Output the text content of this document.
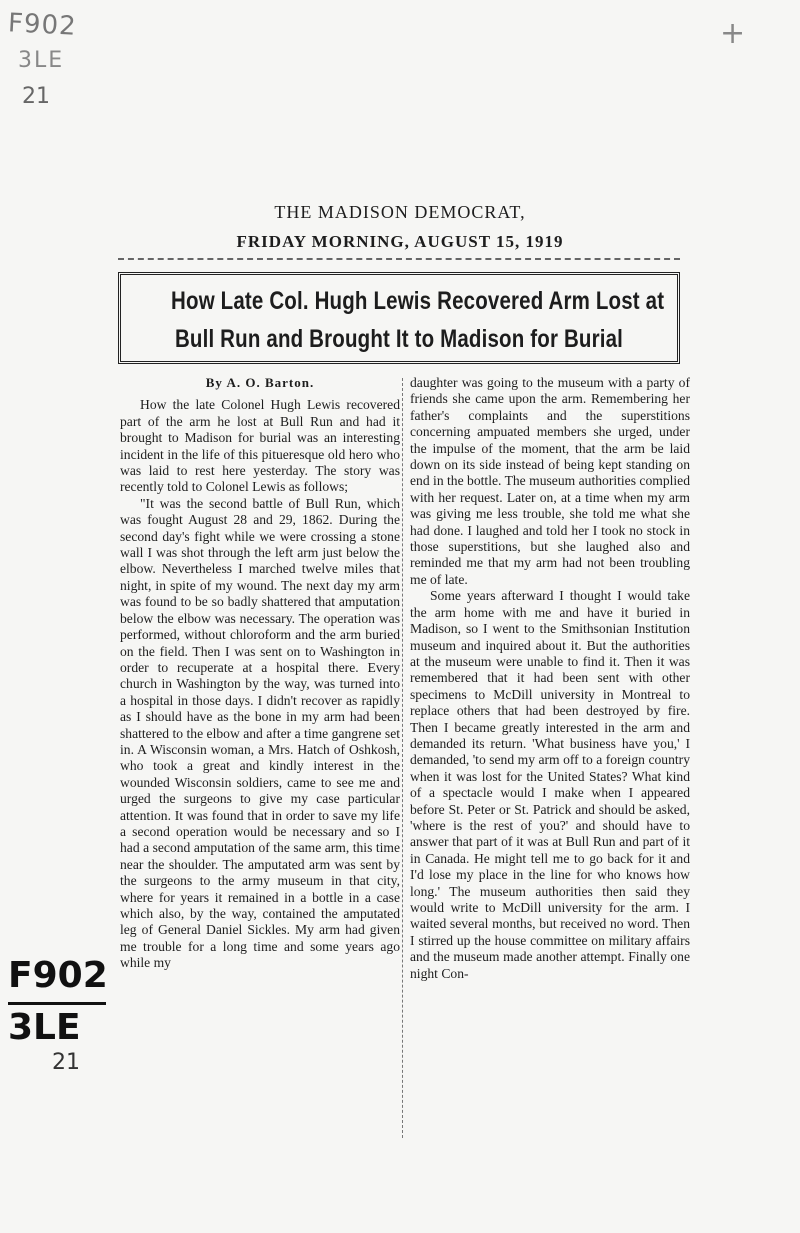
F902
3LE
21
+
F902
3LE
21
THE MADISON DEMOCRAT,
FRIDAY MORNING, AUGUST 15, 1919
How Late Col. Hugh Lewis Recovered Arm Lost at
Bull Run and Brought It to Madison for Burial
By A. O. Barton.

How the late Colonel Hugh Lewis recovered part of the arm he lost at Bull Run and had it brought to Madison for burial was an interesting incident in the life of this pitueresque old hero who was laid to rest here yesterday. The story was recently told to Colonel Lewis as follows;

"It was the second battle of Bull Run, which was fought August 28 and 29, 1862. During the second day's fight while we were crossing a stone wall I was shot through the left arm just below the elbow. Nevertheless I marched twelve miles that night, in spite of my wound. The next day my arm was found to be so badly shattered that amputation below the elbow was necessary. The operation was performed, without chloroform and the arm buried on the field. Then I was sent on to Washington in order to recuperate at a hospital there. Every church in Washington by the way, was turned into a hospital in those days. I didn't recover as rapidly as I should have as the bone in my arm had been shattered to the elbow and after a time gangrene set in. A Wisconsin woman, a Mrs. Hatch of Oshkosh, who took a great and kindly interest in the wounded Wisconsin soldiers, came to see me and urged the surgeons to give my case particular attention. It was found that in order to save my life a second operation would be necessary and so I had a second amputation of the same arm, this time near the shoulder. The amputated arm was sent by the surgeons to the army museum in that city, where for years it remained in a bottle in a case which also, by the way, contained the amputated leg of General Daniel Sickles. My arm had given me trouble for a long time and some years ago while my

daughter was going to the museum with a party of friends she came upon the arm. Remembering her father's complaints and the superstitions concerning ampuated members she urged, under the impulse of the moment, that the arm be laid down on its side instead of being kept standing on end in the bottle. The museum authorities complied with her request. Later on, at a time when my arm was giving me less trouble, she told me what she had done. I laughed and told her I took no stock in those superstitions, but she laughed also and reminded me that my arm had not been troubling me of late.

Some years afterward I thought I would take the arm home with me and have it buried in Madison, so I went to the Smithsonian Institution museum and inquired about it. But the authorities at the museum were unable to find it. Then it was remembered that it had been sent with other specimens to McDill university in Montreal to replace others that had been destroyed by fire. Then I became greatly interested in the arm and demanded its return. 'What business have you,' I demanded, 'to send my arm off to a foreign country when it was lost for the United States? What kind of a spectacle would I make when I appeared before St. Peter or St. Patrick and should be asked, 'where is the rest of you?' and should have to answer that part of it was at Bull Run and part of it in Canada. He might tell me to go back for it and I'd lose my place in the line for who knows how long.' The museum authorities then said they would write to McDill university for the arm. I waited several months, but received no word. Then I stirred up the house committee on military affairs and the museum made another attempt. Finally one night Con-
